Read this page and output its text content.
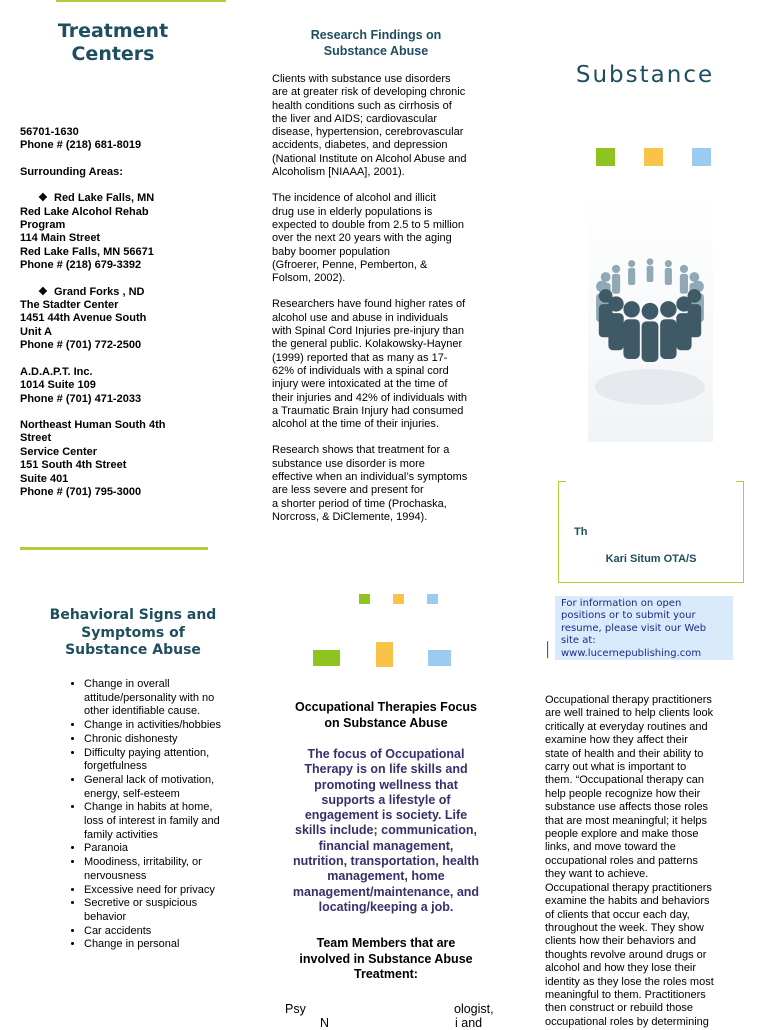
Treatment
Centers
56701-1630
Phone # (218) 681-8019
Surrounding Areas:
❖ Red Lake Falls, MN
Red Lake Alcohol Rehab
Program
114 Main Street
Red Lake Falls, MN 56671
Phone # (218) 679-3392
❖ Grand Forks , ND
The Stadter Center
1451 44th Avenue South
Unit A
Phone # (701) 772-2500
A.D.A.P.T. Inc.
1014 Suite 109
Phone # (701) 471-2033
Northeast Human South 4th
Street
Service Center
151 South 4th Street
Suite 401
Phone # (701) 795-3000
Behavioral Signs and
Symptoms of
Substance Abuse
• Change in overall attitude/personality with no other identifiable cause.
• Change in activities/hobbies
• Chronic dishonesty
• Difficulty paying attention, forgetfulness
• General lack of motivation, energy, self-esteem
• Change in habits at home, loss of interest in family and family activities
• Paranoia
• Moodiness, irritability, or nervousness
• Excessive need for privacy
• Secretive or suspicious behavior
• Car accidents
• Change in personal
Research Findings on
Substance Abuse
Clients with substance use disorders
are at greater risk of developing chronic
health conditions such as cirrhosis of
the liver and AIDS; cardiovascular
disease, hypertension, cerebrovascular
accidents, diabetes, and depression
(National Institute on Alcohol Abuse and
Alcoholism [NIAAA], 2001).
The incidence of alcohol and illicit
drug use in elderly populations is
expected to double from 2.5 to 5 million
over the next 20 years with the aging
baby boomer population
(Gfroerer, Penne, Pemberton, &
Folsom, 2002).
Researchers have found higher rates of
alcohol use and abuse in individuals
with Spinal Cord Injuries pre-injury than
the general public. Kolakowsky-Hayner
(1999) reported that as many as 17-
62% of individuals with a spinal cord
injury were intoxicated at the time of
their injuries and 42% of individuals with
a Traumatic Brain Injury had consumed
alcohol at the time of their injuries.
Research shows that treatment for a
substance use disorder is more
effective when an individual’s symptoms
are less severe and present for
a shorter period of time (Prochaska,
Norcross, & DiClemente, 1994).
Occupational Therapies Focus
on Substance Abuse
The focus of Occupational
Therapy is on life skills and
promoting wellness that
supports a lifestyle of
engagement is society. Life
skills include; communication,
financial management,
nutrition, transportation, health
management, home
management/maintenance, and
locating/keeping a job.
Team Members that are
involved in Substance Abuse
Treatment:
Psy	ologist,
N	i and
Substance
Th
Kari Situm OTA/S
│
For information on open
positions or to submit your
resume, please visit our Web
site at:
www.lucernepublishing.com
Occupational therapy practitioners
are well trained to help clients look
critically at everyday routines and
examine how they affect their
state of health and their ability to
carry out what is important to
them. “Occupational therapy can
help people recognize how their
substance use affects those roles
that are most meaningful; it helps
people explore and make those
links, and move toward the
occupational roles and patterns
they want to achieve.
Occupational therapy practitioners
examine the habits and behaviors
of clients that occur each day,
throughout the week. They show
clients how their behaviors and
thoughts revolve around drugs or
alcohol and how they lose their
identity as they lose the roles most
meaningful to them. Practitioners
then construct or rebuild those
occupational roles by determining
